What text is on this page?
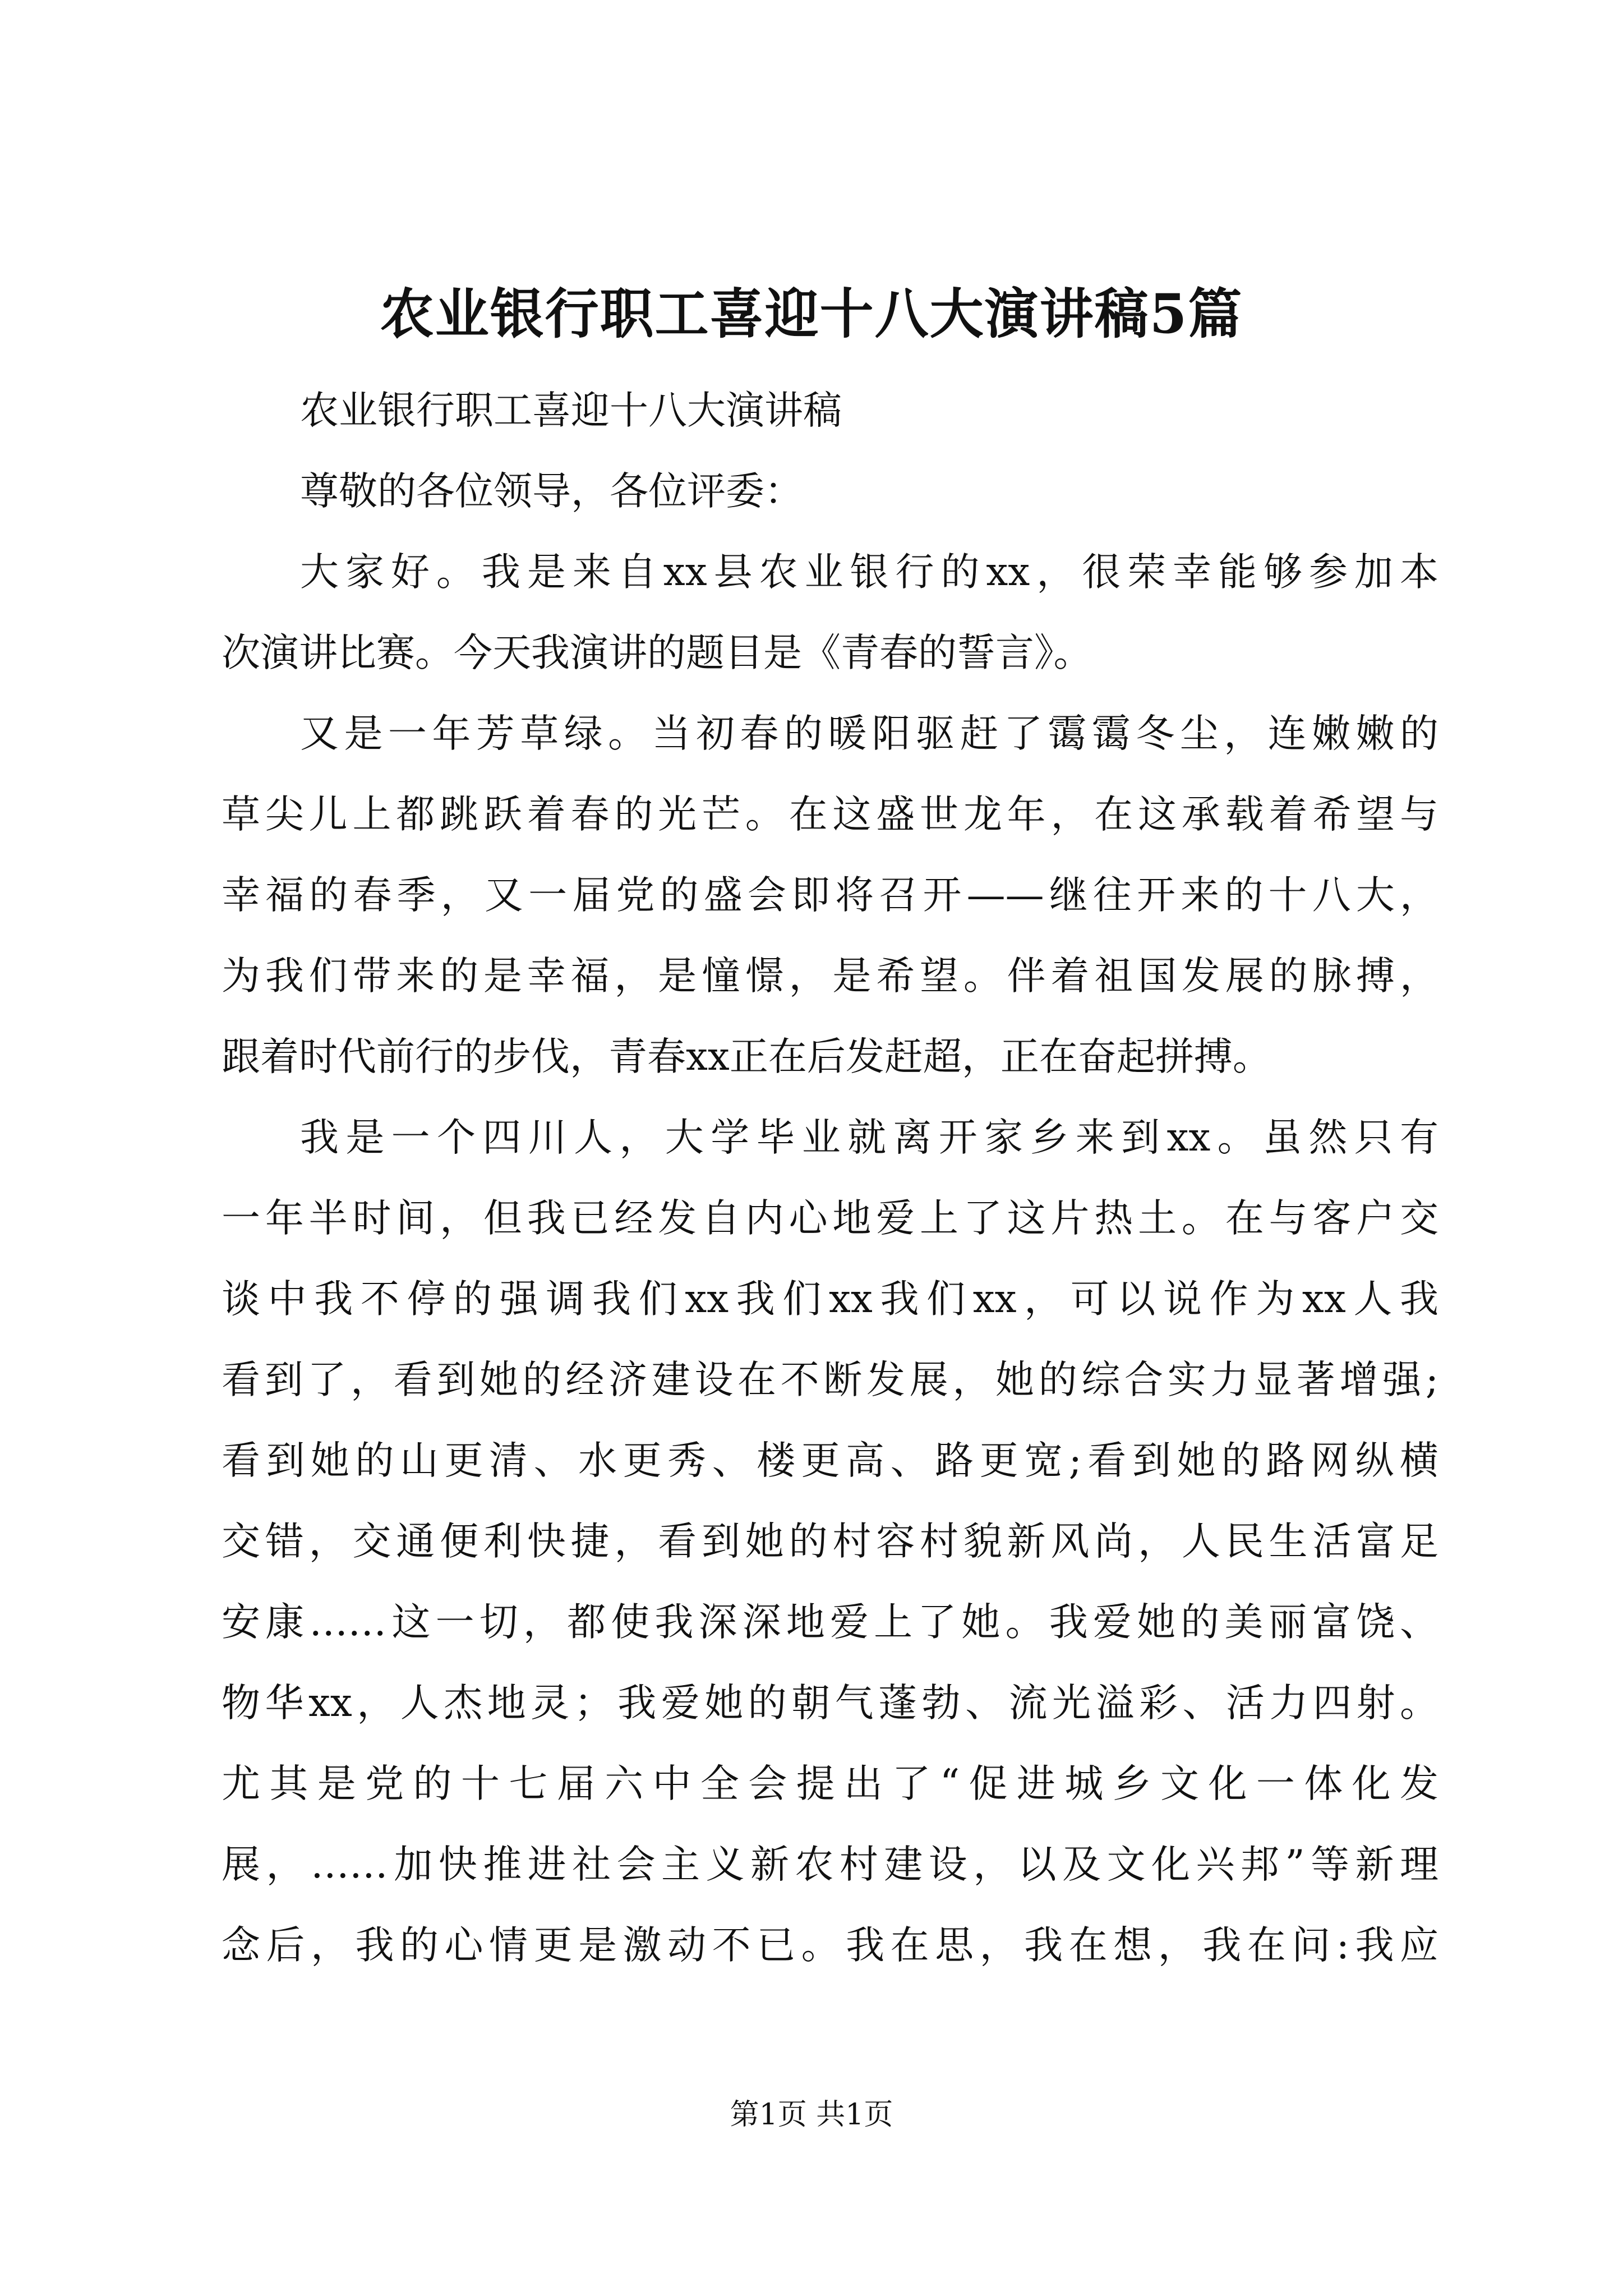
农业银行职工喜迎十八大演讲稿5篇
农业银行职工喜迎十八大演讲稿
尊敬的各位领导，各位评委：
大家好。我是来自xx县农业银行的xx，很荣幸能够参加本
次演讲比赛。今天我演讲的题目是《青春的誓言》。
又是一年芳草绿。当初春的暖阳驱赶了霭霭冬尘，连嫩嫩的
草尖儿上都跳跃着春的光芒。在这盛世龙年，在这承载着希望与
幸福的春季，又一届党的盛会即将召开——继往开来的十八大，
为我们带来的是幸福，是憧憬，是希望。伴着祖国发展的脉搏，
跟着时代前行的步伐，青春xx正在后发赶超，正在奋起拼搏。
我是一个四川人，大学毕业就离开家乡来到xx。虽然只有
一年半时间，但我已经发自内心地爱上了这片热土。在与客户交
谈中我不停的强调我们xx我们xx我们xx，可以说作为xx人我
看到了，看到她的经济建设在不断发展，她的综合实力显著增强;
看到她的山更清、水更秀、楼更高、路更宽;看到她的路网纵横
交错，交通便利快捷，看到她的村容村貌新风尚，人民生活富足
安康……这一切，都使我深深地爱上了她。我爱她的美丽富饶、
物华xx，人杰地灵；我爱她的朝气蓬勃、流光溢彩、活力四射。
尤其是党的十七届六中全会提出了“促进城乡文化一体化发
展，……加快推进社会主义新农村建设，以及文化兴邦”等新理
念后，我的心情更是激动不已。我在思，我在想，我在问:我应
第1页 共1页
